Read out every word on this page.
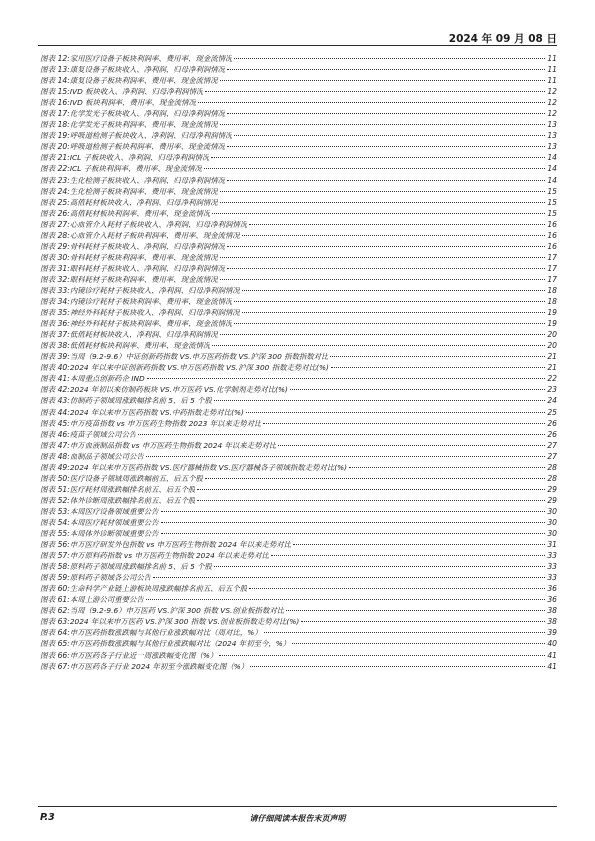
2024 年 09 月 08 日
图表 12: 家用医疗设备子板块利润率、费用率、现金流情况	11
图表 13: 康复设备子板块收入、净利润、归母净利润情况	11
图表 14: 康复设备子板块利润率、费用率、现金流情况	11
图表 15: IVD 板块收入、净利润、归母净利润情况	12
图表 16: IVD 板块利润率、费用率、现金流情况	12
图表 17: 化学发光子板块收入、净利润、归母净利润情况	12
图表 18: 化学发光子板块利润率、费用率、现金流情况	13
图表 19: 呼吸道检测子板块收入、净利润、归母净利润情况	13
图表 20: 呼吸道检测子板块利润率、费用率、现金流情况	13
图表 21: ICL 子板块收入、净利润、归母净利润情况	14
图表 22: ICL 子板块利润率、费用率、现金流情况	14
图表 23: 生化检测子板块收入、净利润、归母净利润情况	14
图表 24: 生化检测子板块利润率、费用率、现金流情况	15
图表 25: 高值耗材板块收入、净利润、归母净利润情况	15
图表 26: 高值耗材板块利润率、费用率、现金流情况	15
图表 27: 心血管介入耗材子板块收入、净利润、归母净利润情况	16
图表 28: 心血管介入耗材子板块利润率、费用率、现金流情况	16
图表 29: 骨科耗材子板块收入、净利润、归母净利润情况	16
图表 30: 骨科耗材子板块利润率、费用率、现金流情况	17
图表 31: 眼科耗材子板块收入、净利润、归母净利润情况	17
图表 32: 眼科耗材子板块利润率、费用率、现金流情况	17
图表 33: 内镜诊疗耗材子板块收入、净利润、归母净利润情况	18
图表 34: 内镜诊疗耗材子板块利润率、费用率、现金流情况	18
图表 35: 神经外科耗材子板块收入、净利润、归母净利润情况	19
图表 36: 神经外科耗材子板块利润率、费用率、现金流情况	19
图表 37: 低值耗材板块收入、净利润、归母净利润情况	20
图表 38: 低值耗材板块利润率、费用率、现金流情况	20
图表 39: 当周（9.2-9.6）中证创新药指数 VS.申万医药指数 VS.沪深 300 指数指数对比	21
图表 40: 2024 年以来中证创新药指数 VS.申万医药指数 VS.沪深 300 指数走势对比(%)	21
图表 41: 本周重点创新药企 IND	22
图表 42: 2024 年初以来仿制药板块 VS.申万医药 VS.化学制剂走势对比(%)	23
图表 43: 仿制药子领域周涨跌幅排名前 5、后 5 个股	24
图表 44: 2024 年以来申万医药指数 VS.中药指数走势对比(%)	25
图表 45: 申万疫苗指数 vs 申万医药生物指数 2023 年以来走势对比	26
图表 46: 疫苗子领域公司公告	26
图表 47: 申万血液制品指数 vs 申万医药生物指数 2024 年以来走势对比	27
图表 48: 血制品子领域公司公告	27
图表 49: 2024 年以来申万医药指数 VS.医疗器械指数 VS.医疗器械各子领域指数走势对比(%)	28
图表 50: 医疗设备子领域周涨跌幅前五、后五个股	28
图表 51: 医疗耗材周涨跌幅排名前五、后五个股	29
图表 52: 体外诊断周涨跌幅排名前五、后五个股	29
图表 53: 本周医疗设备领域重要公告	30
图表 54: 本周医疗耗材领域重要公告	30
图表 55: 本周体外诊断领域重要公告	30
图表 56: 申万医疗研发外包指数 vs 申万医药生物指数 2024 年以来走势对比	31
图表 57: 申万原料药指数 vs 申万医药生物指数 2024 年以来走势对比	33
图表 58: 原料药子领域周涨跌幅排名前 5、后 5 个股	33
图表 59: 原料药子领域各公司公告	33
图表 60: 生命科学产业链上游板块周涨跌幅排名前五、后五个股	36
图表 61: 本周上游公司重要公告	36
图表 62: 当周（9.2-9.6）申万医药 VS.沪深 300 指数 VS.创业板指数对比	38
图表 63: 2024 年以来申万医药 VS.沪深 300 指数 VS.创业板指数走势对比(%)	38
图表 64: 申万医药指数涨跌幅与其他行业涨跌幅对比（周对比，%）	39
图表 65: 申万医药指数涨跌幅与其他行业涨跌幅对比（2024 年初至今，%）	40
图表 66: 申万医药各子行业近一周涨跌幅变化图（%）	41
图表 67: 申万医药各子行业 2024 年初至今涨跌幅变化图（%）	41
P.3	请仔细阅读本报告末页声明
